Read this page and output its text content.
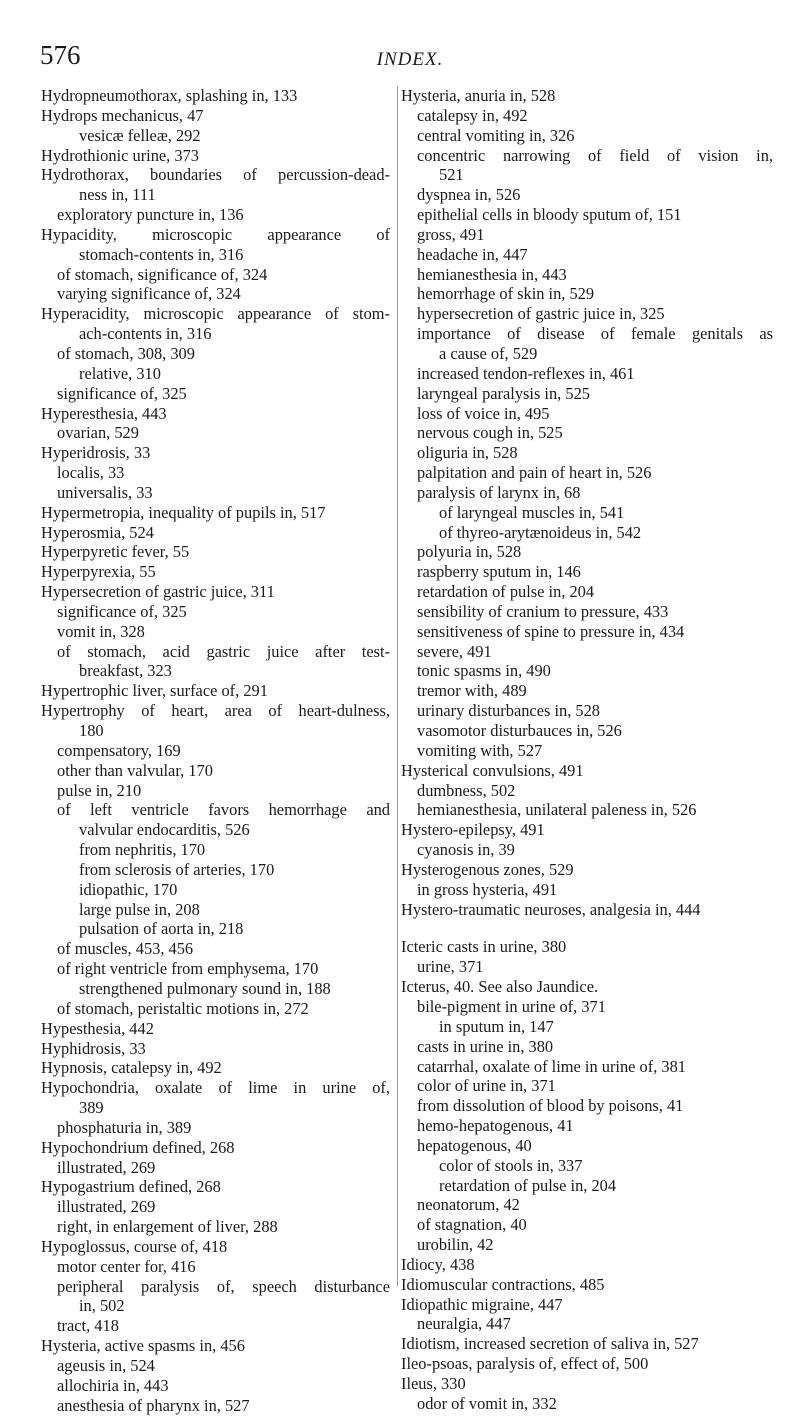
576	INDEX.
Hydropneumothorax, splashing in, 133
Hydrops mechanicus, 47
vesicæ felleæ, 292
Hydrothionic urine, 373
Hydrothorax, boundaries of percussion-dead-
ness in, 111
exploratory puncture in, 136
Hypacidity, microscopic appearance of
stomach-contents in, 316
of stomach, significance of, 324
varying significance of, 324
Hyperacidity, microscopic appearance of stom-
ach-contents in, 316
of stomach, 308, 309
relative, 310
significance of, 325
Hyperesthesia, 443
ovarian, 529
Hyperidrosis, 33
localis, 33
universalis, 33
Hypermetropia, inequality of pupils in, 517
Hyperosmia, 524
Hyperpyretic fever, 55
Hyperpyrexia, 55
Hypersecretion of gastric juice, 311
significance of, 325
vomit in, 328
of stomach, acid gastric juice after test-
breakfast, 323
Hypertrophic liver, surface of, 291
Hypertrophy of heart, area of heart-dulness,
180
compensatory, 169
other than valvular, 170
pulse in, 210
of left ventricle favors hemorrhage and
valvular endocarditis, 526
from nephritis, 170
from sclerosis of arteries, 170
idiopathic, 170
large pulse in, 208
pulsation of aorta in, 218
of muscles, 453, 456
of right ventricle from emphysema, 170
strengthened pulmonary sound in, 188
of stomach, peristaltic motions in, 272
Hypesthesia, 442
Hyphidrosis, 33
Hypnosis, catalepsy in, 492
Hypochondria, oxalate of lime in urine of,
389
phosphaturia in, 389
Hypochondrium defined, 268
illustrated, 269
Hypogastrium defined, 268
illustrated, 269
right, in enlargement of liver, 288
Hypoglossus, course of, 418
motor center for, 416
peripheral paralysis of, speech disturbance
in, 502
tract, 418
Hysteria, active spasms in, 456
ageusis in, 524
allochiria in, 443
anesthesia of pharynx in, 527
Hysteria, anuria in, 528
catalepsy in, 492
central vomiting in, 326
concentric narrowing of field of vision in,
521
dyspnea in, 526
epithelial cells in bloody sputum of, 151
gross, 491
headache in, 447
hemianesthesia in, 443
hemorrhage of skin in, 529
hypersecretion of gastric juice in, 325
importance of disease of female genitals as
a cause of, 529
increased tendon-reflexes in, 461
laryngeal paralysis in, 525
loss of voice in, 495
nervous cough in, 525
oliguria in, 528
palpitation and pain of heart in, 526
paralysis of larynx in, 68
of laryngeal muscles in, 541
of thyreo-arytænoideus in, 542
polyuria in, 528
raspberry sputum in, 146
retardation of pulse in, 204
sensibility of cranium to pressure, 433
sensitiveness of spine to pressure in, 434
severe, 491
tonic spasms in, 490
tremor with, 489
urinary disturbances in, 528
vasomotor disturbauces in, 526
vomiting with, 527
Hysterical convulsions, 491
dumbness, 502
hemianesthesia, unilateral paleness in, 526
Hystero-epilepsy, 491
cyanosis in, 39
Hysterogenous zones, 529
in gross hysteria, 491
Hystero-traumatic neuroses, analgesia in, 444
Icteric casts in urine, 380
urine, 371
Icterus, 40. See also Jaundice.
bile-pigment in urine of, 371
in sputum in, 147
casts in urine in, 380
catarrhal, oxalate of lime in urine of, 381
color of urine in, 371
from dissolution of blood by poisons, 41
hemo-hepatogenous, 41
hepatogenous, 40
color of stools in, 337
retardation of pulse in, 204
neonatorum, 42
of stagnation, 40
urobilin, 42
Idiocy, 438
Idiomuscular contractions, 485
Idiopathic migraine, 447
neuralgia, 447
Idiotism, increased secretion of saliva in, 527
Ileo-psoas, paralysis of, effect of, 500
Ileus, 330
odor of vomit in, 332
